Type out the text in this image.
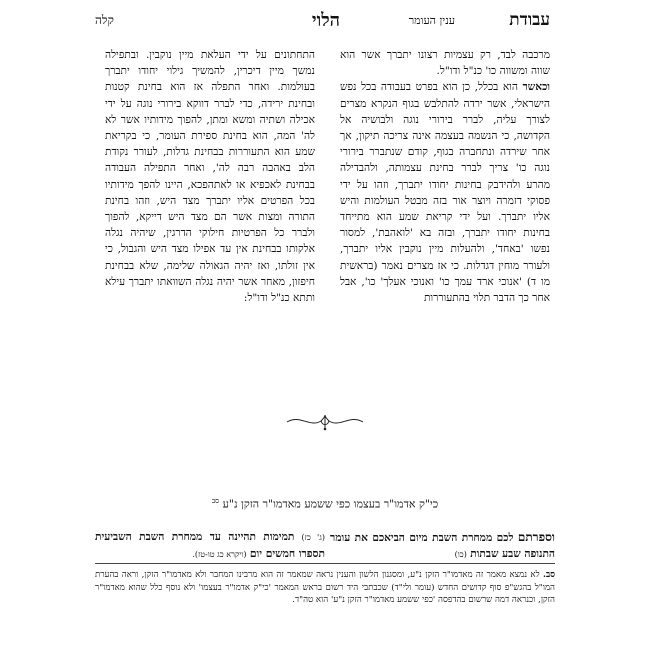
עבודת
ענין העומר
הלוי
קלה

מרכבה לבד, רק עצמיות רצונו יתברך אשר הוא שווה ומשווה כו' כנ"ל ודו"ל.

וכאשר הוא בכלל, כן הוא בפרט בעבודה בכל נפש הישראלי, אשר ירדה להתלבש בגוף הנקרא מצרים לצורך עליה, לברר בירורי נוגה ולבושיה אל הקדושה, כי הנשמה בעצמה אינה צריכה תיקון, אך אחר שירדה ונתחברה בגוף, קודם שנתברר בירורי נוגה כו' צריך לברר בחינת עצמותה, ולהבדילה מהרע ולהידבק בחינות יחודו יתברך, וזהו על ידי פסוקי דזמרה ויוצר אור בזה מבטל העולמות והיש אליו יתברך. ועל ידי קריאת שמע הוא מתייחד בחינות יחודו יתברך, ובזה בא 'לואהבת', למסור נפשו 'באחד', ולהעלות מיין נוקבין אליו יתברך, ולעורר מוחין דגדלות. כי אז מצרים נאמר (בראשית מו ד) 'אנוכי ארד עמך כו' ואנוכי אעלך' כו', אבל אחר כך הדבר תלוי בהתעוררות

התחתונים על ידי העלאת מיין נוקבין. ובתפילה נמשך מיין דיכרין, להמשיך גילוי יחודו יתברך בעולמות. ואחר התפלה אז הוא בחינת קטנות ובחינת ירידה, כדי לברר דווקא בירורי נוגה על ידי אכילה ושתיה ומשא ומתן, להפוך מידותיו אשר לא לה' המה, הוא בחינת ספירת העומר, כי בקריאת שמע הוא התעוררות בבחינת גדלות, לעורר נקודת הלב באהבה רבה לה', ואחר התפילה העבודה בבחינת לאכפיא או לאתהפכא, היינו להפך מידותיו בכל הפרטים אליו יתברך מצד היש, וזהו בחינת התורה ומצות אשר הם מצד היש דייקא, להפוך ולברר כל הפרטיות חילוקי הדרגין, שיהיה נגלה אלקותו בבחינת אין עד אפילו מצד היש והגבול, כי אין זולתו, ואז יהיה הגאולה שלימה, שלא בבחינת חיפזון, מאחר אשר יהיה נגלה השוואתו יתברך עילא ותתא כנ"ל ודו"ל:

כי"ק אדמו"ר בעצמו כפי ששמע מאדמו"ר הזקן נ"ע $^{סב}$
וספרתם לכם ממחרת השבת מיום הביאכם את עומר התנופה שבע שבתות (כו)
(ג' כז) תמימות תהיינה עד ממחרת השבת השביעית תספרו חמשים יום (ויקרא כג טו-טז).
סב. לא נמצא מאמר זה מאדמו"ר הזקן נ"ע, ומסגנון הלשון והענין נראה שמאמר זה הוא מרבינו המחבר ולא מאדמו"ר הזקן, וראה בהערת המו"ל בהגש"פ סוף קדושים החדש (עומר ולי"ד) שכבתבי היד רשום בראש המאמר 'כי"ק אדמו"ר בעצמו' ולא נוסף כלל שהוא מאדמו"ר הזקן, וכנראה דמה שרשום בהדפסה 'כפי ששמע מאדמו"ר הזקן נ"ע' הוא טה"ד.
